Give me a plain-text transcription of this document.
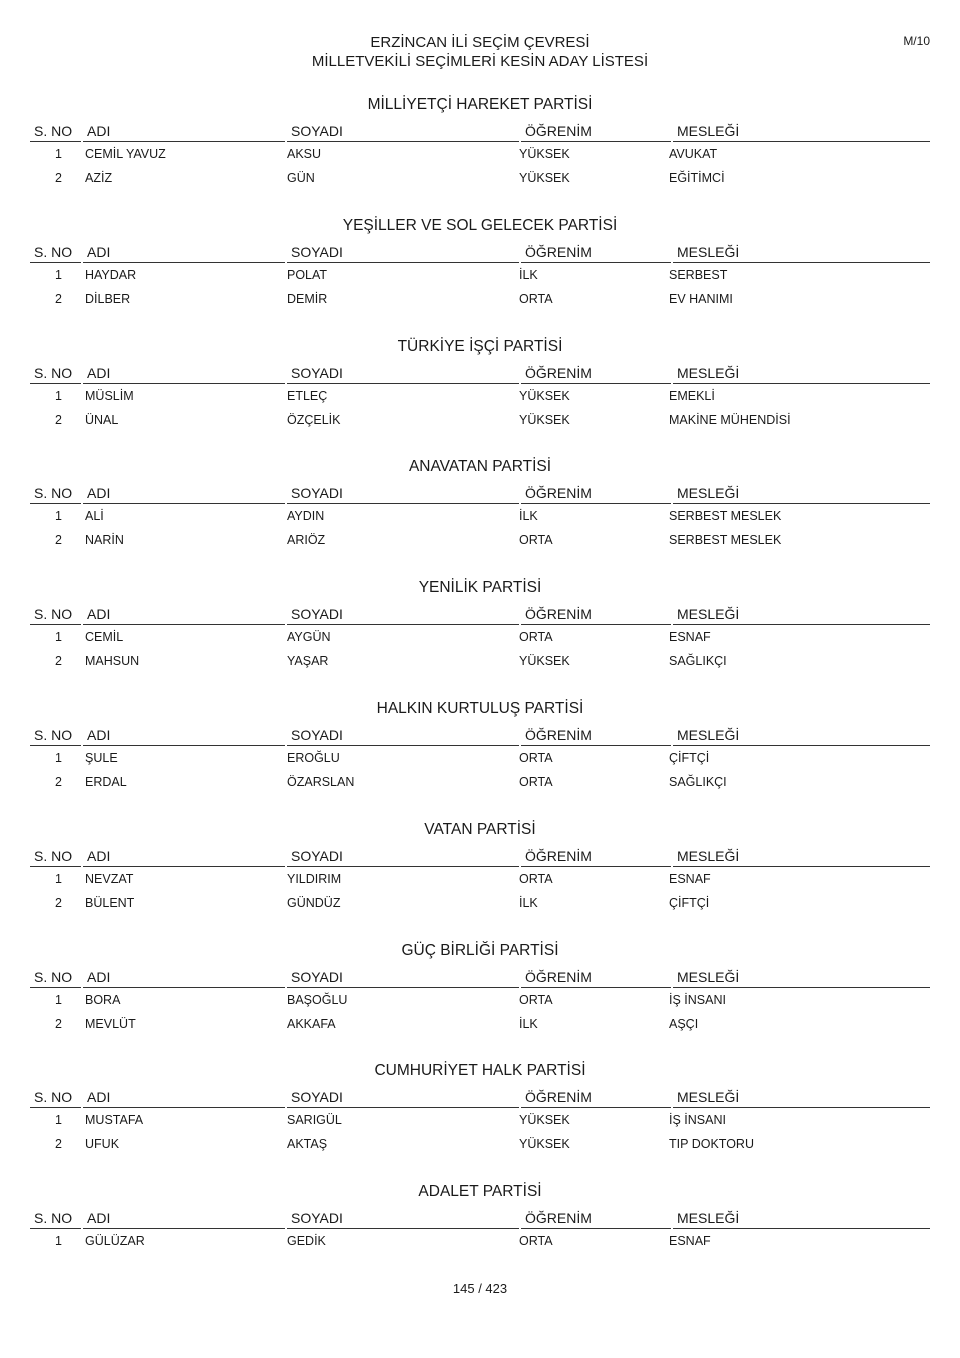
ERZİNCAN İLİ SEÇİM ÇEVRESİ
MİLLETVEKİLİ SEÇİMLERİ KESİN ADAY LİSTESİ
M/10
MİLLİYETÇİ HAREKET PARTİSİ
S. NO	ADI	SOYADI	ÖĞRENİM	MESLEĞİ
1	CEMİL YAVUZ	AKSU	YÜKSEK	AVUKAT
2	AZİZ	GÜN	YÜKSEK	EĞİTİMCİ
YEŞİLLER VE SOL GELECEK PARTİSİ
S. NO	ADI	SOYADI	ÖĞRENİM	MESLEĞİ
1	HAYDAR	POLAT	İLK	SERBEST
2	DİLBER	DEMİR	ORTA	EV HANIMI
TÜRKİYE İŞÇİ PARTİSİ
S. NO	ADI	SOYADI	ÖĞRENİM	MESLEĞİ
1	MÜSLİM	ETLEÇ	YÜKSEK	EMEKLİ
2	ÜNAL	ÖZÇELİK	YÜKSEK	MAKİNE MÜHENDİSİ
ANAVATAN PARTİSİ
S. NO	ADI	SOYADI	ÖĞRENİM	MESLEĞİ
1	ALİ	AYDIN	İLK	SERBEST MESLEK
2	NARİN	ARIÖZ	ORTA	SERBEST MESLEK
YENİLİK PARTİSİ
S. NO	ADI	SOYADI	ÖĞRENİM	MESLEĞİ
1	CEMİL	AYGÜN	ORTA	ESNAF
2	MAHSUN	YAŞAR	YÜKSEK	SAĞLIKÇI
HALKIN KURTULUŞ PARTİSİ
S. NO	ADI	SOYADI	ÖĞRENİM	MESLEĞİ
1	ŞULE	EROĞLU	ORTA	ÇİFTÇİ
2	ERDAL	ÖZARSLAN	ORTA	SAĞLIKÇI
VATAN PARTİSİ
S. NO	ADI	SOYADI	ÖĞRENİM	MESLEĞİ
1	NEVZAT	YILDIRIM	ORTA	ESNAF
2	BÜLENT	GÜNDÜZ	İLK	ÇİFTÇİ
GÜÇ BİRLİĞİ PARTİSİ
S. NO	ADI	SOYADI	ÖĞRENİM	MESLEĞİ
1	BORA	BAŞOĞLU	ORTA	İŞ İNSANI
2	MEVLÜT	AKKAFA	İLK	AŞÇI
CUMHURİYET HALK PARTİSİ
S. NO	ADI	SOYADI	ÖĞRENİM	MESLEĞİ
1	MUSTAFA	SARIGÜL	YÜKSEK	İŞ İNSANI
2	UFUK	AKTAŞ	YÜKSEK	TIP DOKTORU
ADALET PARTİSİ
S. NO	ADI	SOYADI	ÖĞRENİM	MESLEĞİ
1	GÜLÜZAR	GEDİK	ORTA	ESNAF
145 / 423
